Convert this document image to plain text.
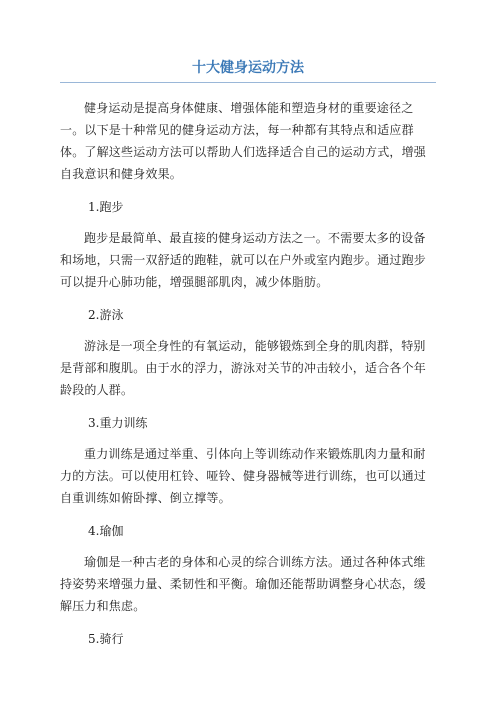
十大健身运动方法

健身运动是提高身体健康、增强体能和塑造身材的重要途径之一。以下是十种常见的健身运动方法，每一种都有其特点和适应群体。了解这些运动方法可以帮助人们选择适合自己的运动方式，增强自我意识和健身效果。

1.跑步

跑步是最简单、最直接的健身运动方法之一。不需要太多的设备和场地，只需一双舒适的跑鞋，就可以在户外或室内跑步。通过跑步可以提升心肺功能，增强腿部肌肉，减少体脂肪。

2.游泳

游泳是一项全身性的有氧运动，能够锻炼到全身的肌肉群，特别是背部和腹肌。由于水的浮力，游泳对关节的冲击较小，适合各个年龄段的人群。

3.重力训练

重力训练是通过举重、引体向上等训练动作来锻炼肌肉力量和耐力的方法。可以使用杠铃、哑铃、健身器械等进行训练，也可以通过自重训练如俯卧撑、倒立撑等。

4.瑜伽

瑜伽是一种古老的身体和心灵的综合训练方法。通过各种体式维持姿势来增强力量、柔韧性和平衡。瑜伽还能帮助调整身心状态，缓解压力和焦虑。

5.骑行
